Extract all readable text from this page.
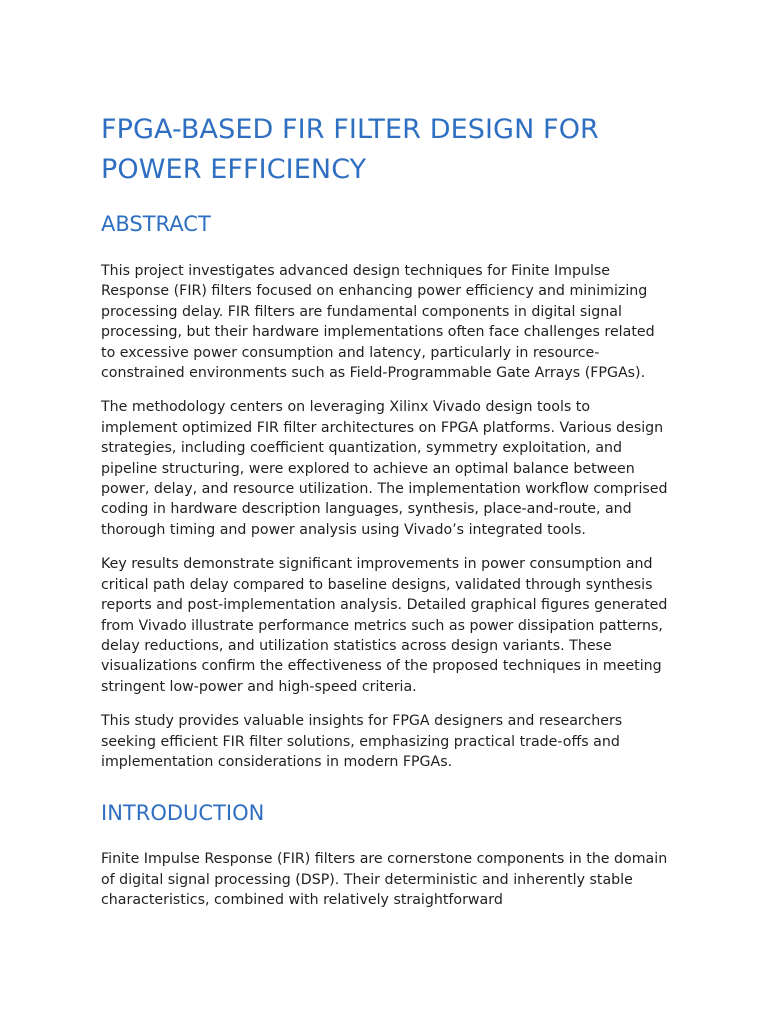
FPGA-BASED FIR FILTER DESIGN FOR POWER EFFICIENCY
ABSTRACT

This project investigates advanced design techniques for Finite Impulse Response (FIR) filters focused on enhancing power efficiency and minimizing processing delay. FIR filters are fundamental components in digital signal processing, but their hardware implementations often face challenges related to excessive power consumption and latency, particularly in resource-constrained environments such as Field-Programmable Gate Arrays (FPGAs).

The methodology centers on leveraging Xilinx Vivado design tools to implement optimized FIR filter architectures on FPGA platforms. Various design strategies, including coefficient quantization, symmetry exploitation, and pipeline structuring, were explored to achieve an optimal balance between power, delay, and resource utilization. The implementation workflow comprised coding in hardware description languages, synthesis, place-and-route, and thorough timing and power analysis using Vivado’s integrated tools.

Key results demonstrate significant improvements in power consumption and critical path delay compared to baseline designs, validated through synthesis reports and post-implementation analysis. Detailed graphical figures generated from Vivado illustrate performance metrics such as power dissipation patterns, delay reductions, and utilization statistics across design variants. These visualizations confirm the effectiveness of the proposed techniques in meeting stringent low-power and high-speed criteria.

This study provides valuable insights for FPGA designers and researchers seeking efficient FIR filter solutions, emphasizing practical trade-offs and implementation considerations in modern FPGAs.

INTRODUCTION

Finite Impulse Response (FIR) filters are cornerstone components in the domain of digital signal processing (DSP). Their deterministic and inherently stable characteristics, combined with relatively straightforward
